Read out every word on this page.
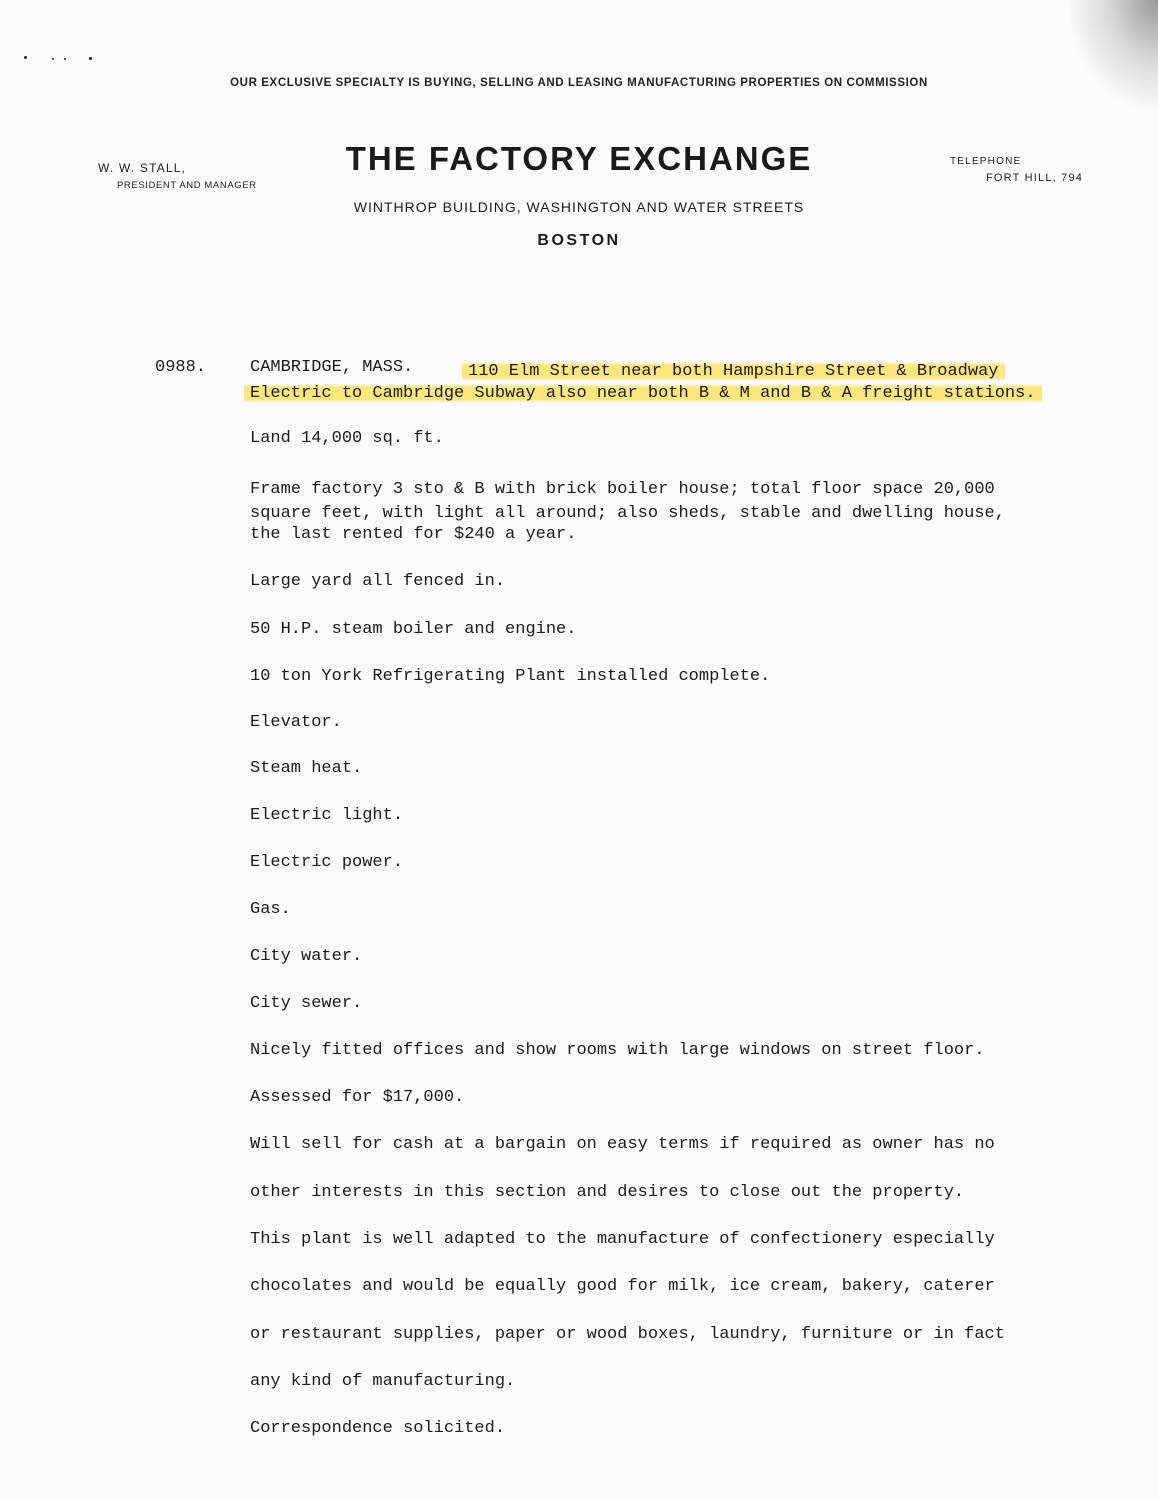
OUR EXCLUSIVE SPECIALTY IS BUYING, SELLING AND LEASING MANUFACTURING PROPERTIES ON COMMISSION
W. W. STALL,
PRESIDENT AND MANAGER
THE FACTORY EXCHANGE
WINTHROP BUILDING, WASHINGTON AND WATER STREETS
BOSTON
TELEPHONE
FORT HILL, 794
0988.	CAMBRIDGE, MASS.	110 Elm Street near both Hampshire Street & Broadway
Electric to Cambridge Subway also near both B & M and B & A freight stations.
Land 14,000 sq. ft.
Frame factory 3 sto & B with brick boiler house; total floor space 20,000
square feet, with light all around; also sheds, stable and dwelling house,
the last rented for $240 a year.
Large yard all fenced in.
50 H.P. steam boiler and engine.
10 ton York Refrigerating Plant installed complete.
Elevator.
Steam heat.
Electric light.
Electric power.
Gas.
City water.
City sewer.
Nicely fitted offices and show rooms with large windows on street floor.
Assessed for $17,000.
Will sell for cash at a bargain on easy terms if required as owner has no
other interests in this section and desires to close out the property.
This plant is well adapted to the manufacture of confectionery especially
chocolates and would be equally good for milk, ice cream, bakery, caterer
or restaurant supplies, paper or wood boxes, laundry, furniture or in fact
any kind of manufacturing.
Correspondence solicited.
